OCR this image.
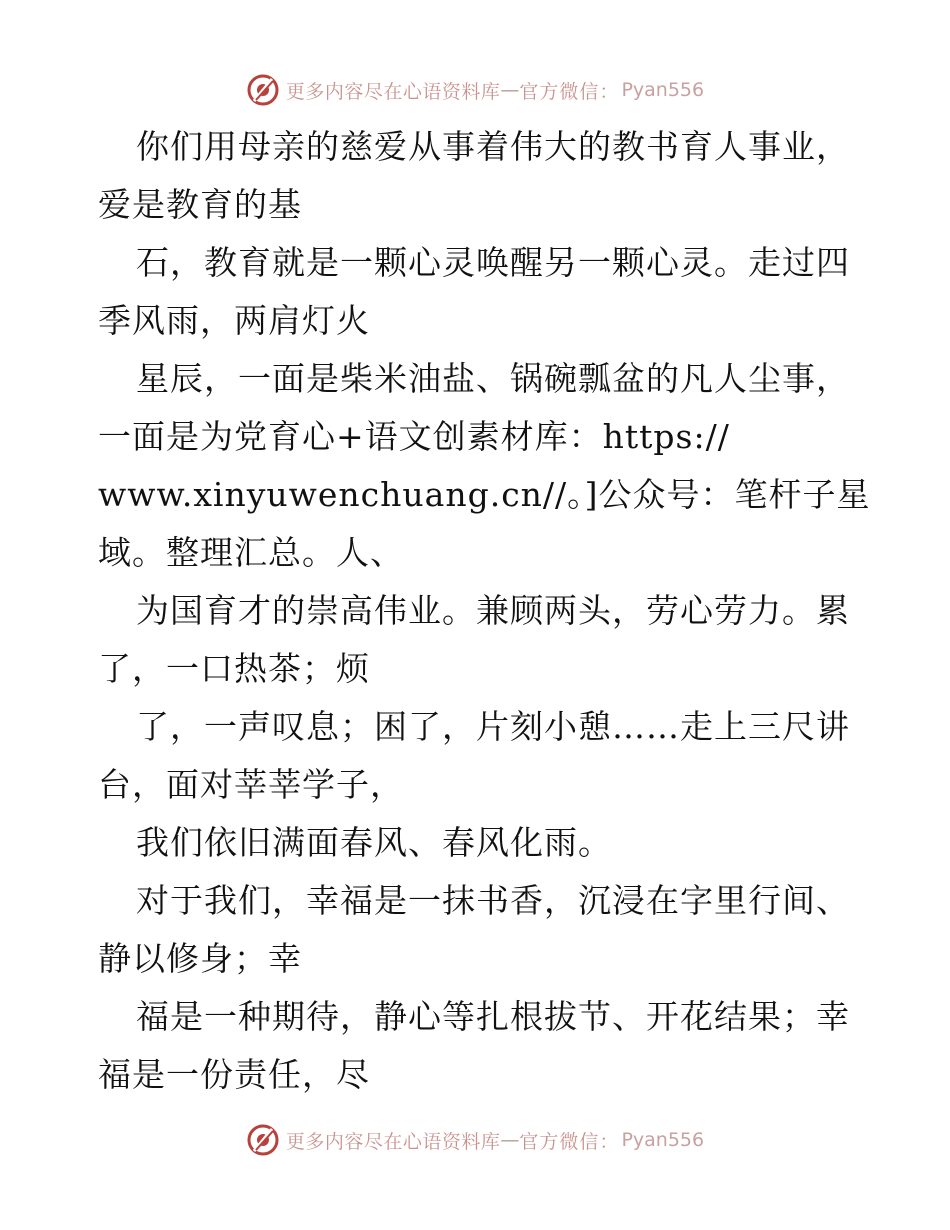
更多内容尽在心语资料库 — 官方微信： Pyan556
你们用母亲的慈爱从事着伟大的教书育人事业，
爱是教育的基
石，教育就是一颗心灵唤醒另一颗心灵。走过四
季风雨，两肩灯火
星辰，一面是柴米油盐、锅碗瓢盆的凡人尘事，
一面是为党育心+语文创素材库：https://
www.xinyuwenchuang.cn//。]公众号：笔杆子星
域。整理汇总。人、
为国育才的崇高伟业。兼顾两头，劳心劳力。累
了，一口热茶；烦
了，一声叹息；困了，片刻小憩……走上三尺讲
台，面对莘莘学子，
我们依旧满面春风、春风化雨。
对于我们，幸福是一抹书香，沉浸在字里行间、
静以修身；幸
福是一种期待，静心等扎根拔节、开花结果；幸
福是一份责任，尽
更多内容尽在心语资料库 — 官方微信： Pyan556
